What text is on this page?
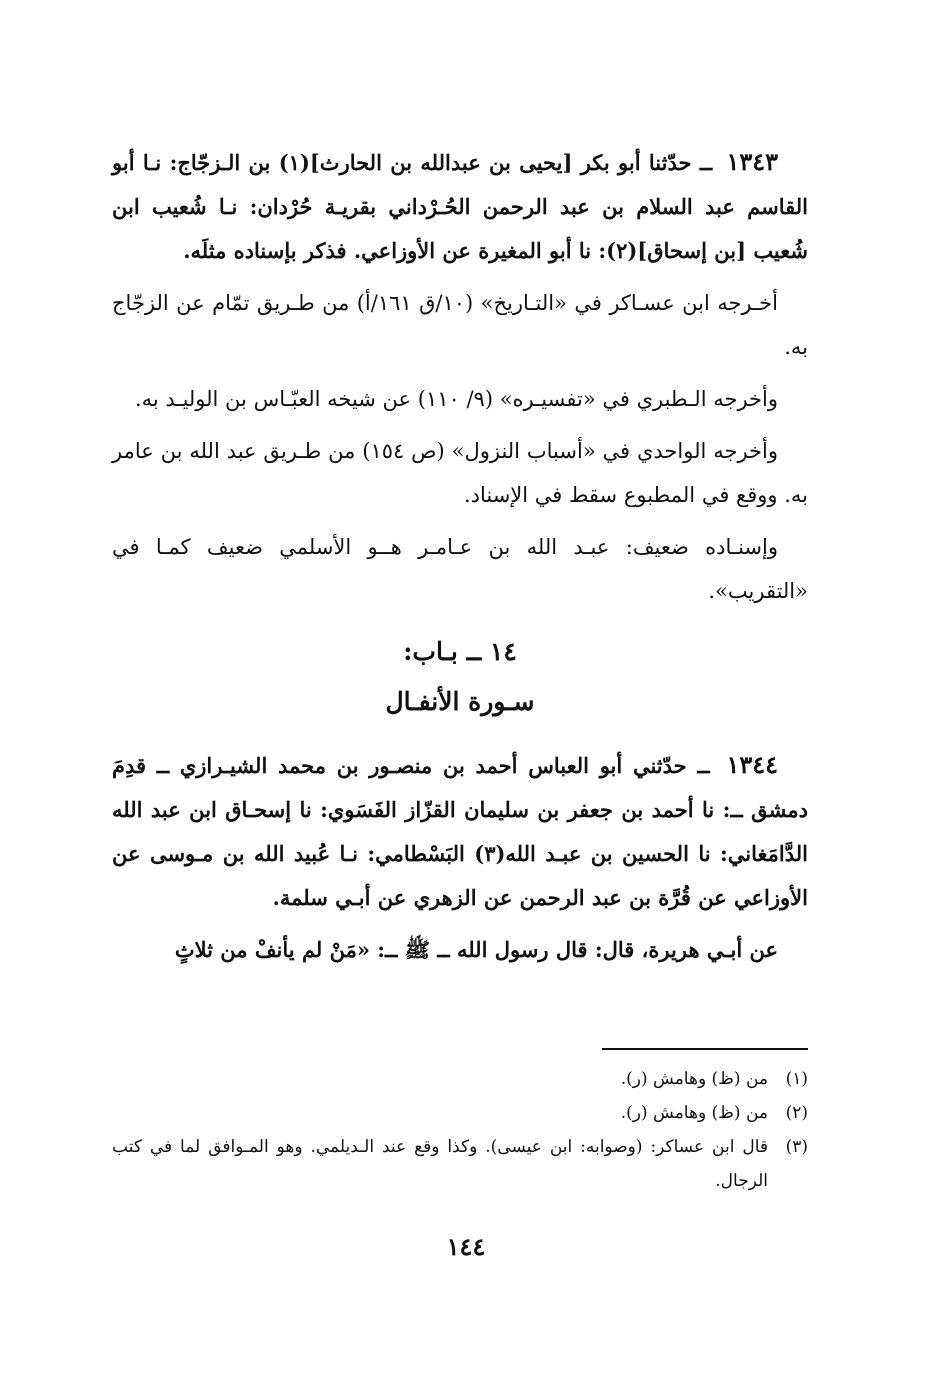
١٣٤٣ ــ حدّثنا أبو بكر [يحيى بن عبدالله بن الحارث](١) بن الـزجّاج: نـا أبو القاسم عبد السلام بن عبد الرحمن الحُـرْداني بقريـة حُرْدان: نـا شُعيب ابن شُعيب [بن إسحاق](٢): نا أبو المغيرة عن الأوزاعي. فذكر بإسناده مثلَه.

أخـرجه ابن عسـاكر في «التـاريخ» (١٠/ق ١٦١/أ) من طـريق تمّام عن الزجّاج به.

وأخرجه الـطبري في «تفسيـره» (٩/ ١١٠) عن شيخه العبّـاس بن الوليـد به.

وأخرجه الواحدي في «أسباب النزول» (ص ١٥٤) من طـريق عبد الله بن عامر به. ووقع في المطبوع سقط في الإسناد.

وإسنـاده ضعيف: عبـد الله بن عـامـر هــو الأسلمي ضعيف كمـا في «التقريب».

١٤ ــ بـاب:
سـورة الأنفـال

١٣٤٤ ــ حدّثني أبو العباس أحمد بن منصـور بن محمد الشيـرازي ــ قدِمَ دمشق ــ: نا أحمد بن جعفر بن سليمان القزّاز الفَسَوي: نا إسحـاق ابن عبد الله الدَّامَغاني: نا الحسين بن عبـد الله(٣) البَسْطامي: نـا عُبيد الله بن مـوسى عن الأوزاعي عن قُرَّة بن عبد الرحمن عن الزهري عن أبـي سلمة.

عن أبـي هريرة، قال: قال رسول الله ــ ﷺ ــ: «مَنْ لم يأنفْ من ثلاثٍ

(١)
من (ظ) وهامش (ر).
(٢)
من (ظ) وهامش (ر).
(٣)
قال ابن عساكر: (وصوابه: ابن عيسى). وكذا وقع عند الـديلمي. وهو المـوافق لما في كتب الرجال.
١٤٤
